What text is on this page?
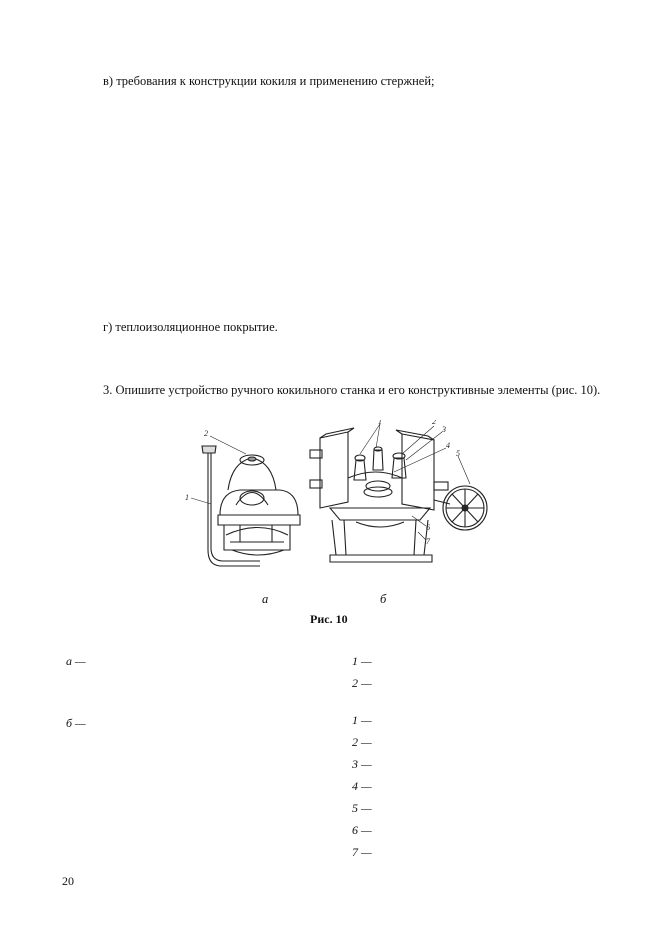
в) требования к конструкции кокиля и применению стержней;
г) теплоизоляционное покрытие.
3. Опишите устройство ручного кокильного станка и его конструктивные элементы (рис. 10).
2
1
1	2
3
4
5
6
7
а	б
Рис. 10
а —	1 —
2 —
б —	1 —
2 —
3 —
4 —
5 —
6 —
7 —
20
